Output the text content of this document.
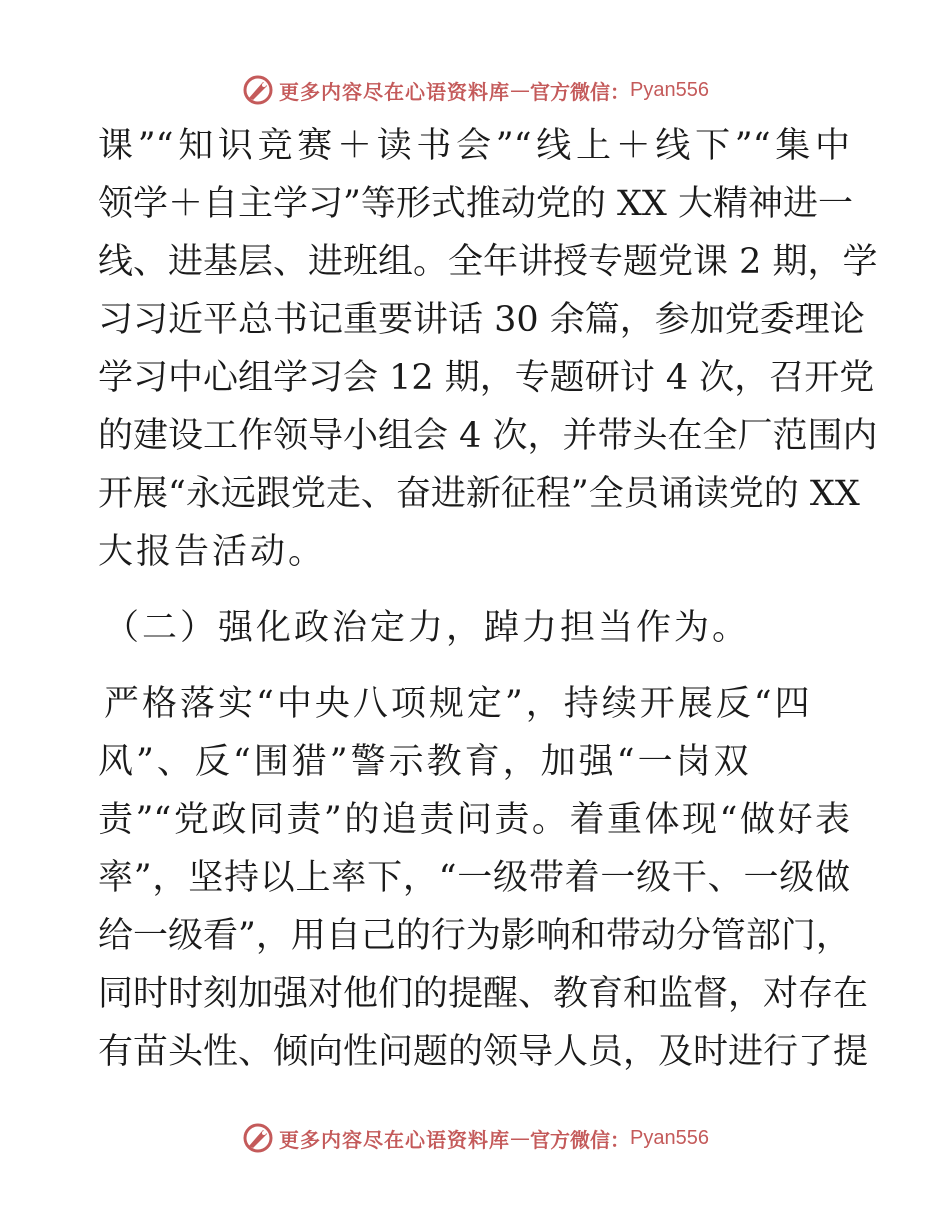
更多内容尽在心语资料库 — 官方微信： Pyan556
课”“知识竞赛＋读书会”“线上＋线下”“集中
领学＋自主学习”等形式推动党的 XX 大精神进一
线、进基层、进班组。全年讲授专题党课 2 期，学
习习近平总书记重要讲话 30 余篇，参加党委理论
学习中心组学习会 12 期，专题研讨 4 次，召开党
的建设工作领导小组会 4 次，并带头在全厂范围内
开展“永远跟党走、奋进新征程”全员诵读党的 XX
大报告活动。
（二）强化政治定力，踔力担当作为。
严格落实“中央八项规定”，持续开展反“四
风”、反“围猎”警示教育，加强“一岗双
责”“党政同责”的追责问责。着重体现“做好表
率”，坚持以上率下，“一级带着一级干、一级做
给一级看”，用自己的行为影响和带动分管部门，
同时时刻加强对他们的提醒、教育和监督，对存在
有苗头性、倾向性问题的领导人员，及时进行了提
更多内容尽在心语资料库 — 官方微信： Pyan556
